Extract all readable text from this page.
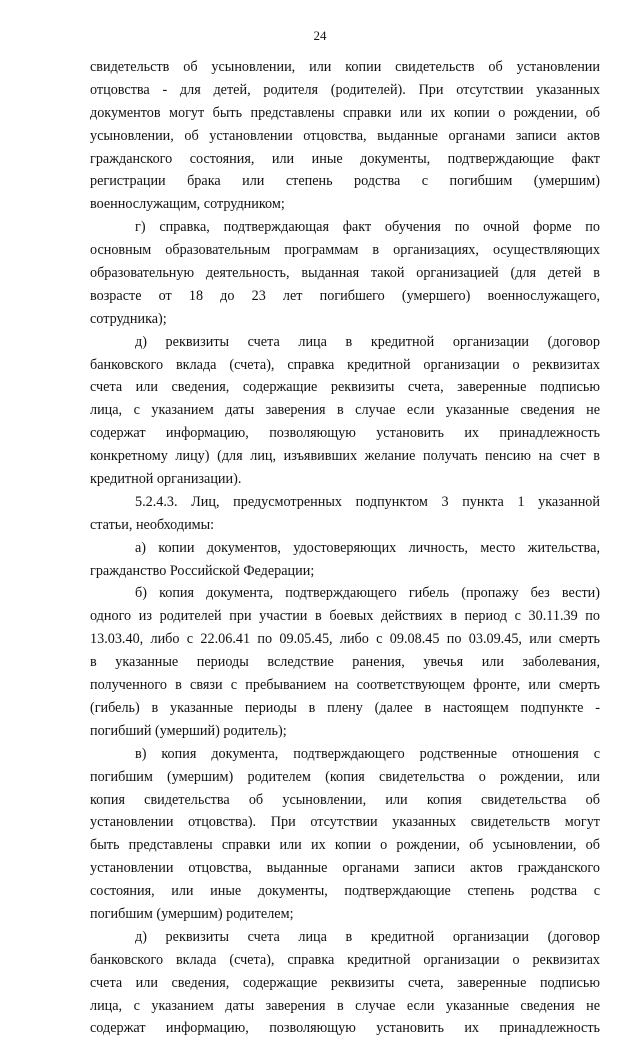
24
свидетельств об усыновлении, или копии свидетельств об установлении
отцовства - для детей, родителя (родителей). При отсутствии указанных
документов могут быть представлены справки или их копии о рождении, об
усыновлении, об установлении отцовства, выданные органами записи актов
гражданского состояния, или иные документы, подтверждающие факт
регистрации брака или степень родства с погибшим (умершим)
военнослужащим, сотрудником;
г) справка, подтверждающая факт обучения по очной форме по
основным образовательным программам в организациях, осуществляющих
образовательную деятельность, выданная такой организацией (для детей в
возрасте от 18 до 23 лет погибшего (умершего) военнослужащего,
сотрудника);
д) реквизиты счета лица в кредитной организации (договор
банковского вклада (счета), справка кредитной организации о реквизитах
счета или сведения, содержащие реквизиты счета, заверенные подписью
лица, с указанием даты заверения в случае если указанные сведения не
содержат информацию, позволяющую установить их принадлежность
конкретному лицу) (для лиц, изъявивших желание получать пенсию на счет в
кредитной организации).
5.2.4.3. Лиц, предусмотренных подпунктом 3 пункта 1 указанной
статьи, необходимы:
а) копии документов, удостоверяющих личность, место жительства,
гражданство Российской Федерации;
б) копия документа, подтверждающего гибель (пропажу без вести)
одного из родителей при участии в боевых действиях в период с 30.11.39 по
13.03.40, либо с 22.06.41 по 09.05.45, либо с 09.08.45 по 03.09.45, или смерть
в указанные периоды вследствие ранения, увечья или заболевания,
полученного в связи с пребыванием на соответствующем фронте, или смерть
(гибель) в указанные периоды в плену (далее в настоящем подпункте -
погибший (умерший) родитель);
в) копия документа, подтверждающего родственные отношения с
погибшим (умершим) родителем (копия свидетельства о рождении, или
копия свидетельства об усыновлении, или копия свидетельства об
установлении отцовства). При отсутствии указанных свидетельств могут
быть представлены справки или их копии о рождении, об усыновлении, об
установлении отцовства, выданные органами записи актов гражданского
состояния, или иные документы, подтверждающие степень родства с
погибшим (умершим) родителем;
д) реквизиты счета лица в кредитной организации (договор
банковского вклада (счета), справка кредитной организации о реквизитах
счета или сведения, содержащие реквизиты счета, заверенные подписью
лица, с указанием даты заверения в случае если указанные сведения не
содержат информацию, позволяющую установить их принадлежность
